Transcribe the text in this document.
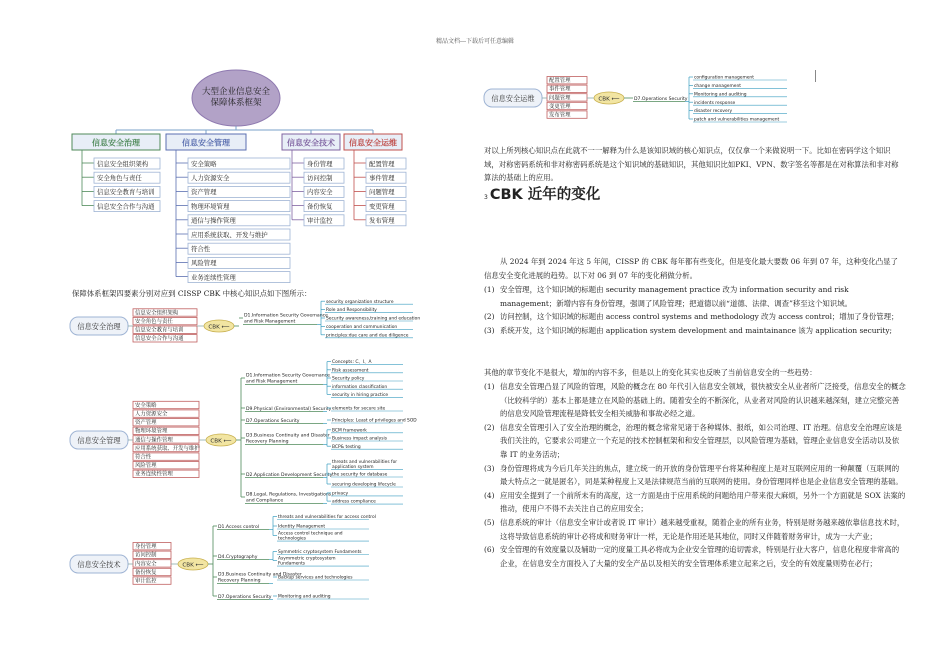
精品文档---下载后可任意编辑
大型企业信息安全保障体系框架
信息安全治理
信息安全组织架构
安全角色与责任
信息安全教育与培训
信息安全合作与沟通
信息安全管理
安全策略
人力资源安全
资产管理
物理环境管理
通信与操作管理
应用系统获取、开发与维护
符合性
风险管理
业务连续性管理
信息安全技术
身份管理
访问控制
内容安全
备份恢复
审计监控
信息安全运维
配置管理
事件管理
问题管理
变更管理
发布管理
信息安全治理
信息安全组织架构
安全角色与责任
信息安全教育与培训
信息安全合作与沟通
CBK ⟵
D1.Information Security Governance and Risk Management
security organization structure
Role and Responsibility
Security awareness,training and education
cooperation and communication
principles:due care and due diligence
信息安全管理
安全策略
人力资源安全
资产管理
物理环境管理
通信与操作管理
应用系统获取、开发与维护
符合性
风险管理
业务连续性管理
CBK ⟵
D1.Information Security Governance and Risk Management
Concepts: C、I、A
Risk assessment
Security policy
information classification
security in hiring practice
D9.Physical (Environmental) Security elements for secure site
D7.Operations Security	Principles: Least of privileges and SOD
D3.Business Continuity and Disaster Recovery Planning
BCM framework
Business impact analysis
BCP& testing
D2.Application Development Security
threats and vulnerabilities for application system
the security for database
securing developing lifecycle
D8.Legal, Regulations, Investigations and Compliance
privacy
address compliance
信息安全技术
身份管理
访问控制
内容安全
备份恢复
审计监控
CBK ⟵
D1.Access control
threats and vulnerabilities for access control
Identity Management
Access control technique and technologies
D4.Cryptography
Symmetric cryptosystem Fundaments
Asymmetric cryptosystem Fundaments
D3.Business Continuity and Disaster Recovery Planning
Backup services and technologies
D7.Operations Security Monitoring and auditing
保障体系框架四要素分别对应到 CISSP CBK 中核心知识点如下图所示：
信息安全运维
配置管理
事件管理
问题管理
变更管理
发布管理
CBK ⟵	D7.Operations Security
configuration management
change management
Monitoring and auditing
incidents response
disaster recovery
patch and vulnerabilities management
对以上所列核心知识点在此就不一一解释为什么是该知识域的核心知识点，仅仅拿一个来做说明一下。比如在密码学这个知识域，对称密码系统和非对称密码系统是这个知识域的基础知识，其他知识比如PKI、VPN、数字签名等都是在对称算法和非对称算法的基础上的应用。
3 CBK 近年的变化
从 2024 年到 2024 年这 5 年间，CISSP 的 CBK 每年都有些变化，但是变化最大要数 06 年到 07 年，这种变化凸显了信息安全变化进展的趋势。以下对 06 到 07 年的变化稍做分析。
(1) 安全管理，这个知识域的标题由 security management practice 改为 information security and risk management；新增内容有身份管理，强调了风险管理；把道德以前“道德、法律、调查”移至这个知识域。
(2) 访问控制，这个知识域的标题由 access control systems and methodology 改为 access control；增加了身份管理；
(3) 系统开发，这个知识域的标题由 application system development and maintainance 该为 application security;
其他的章节变化不是很大，增加的内容不多，但是以上的变化其实也反映了当前信息安全的一些趋势：
(1) 信息安全管理凸显了风险的管理，风险的概念在 80 年代引入信息安全领域，很快被安全从业者所广泛接受，信息安全的概念（比较科学的）基本上都是建立在风险的基础上的。随着安全的不断深化，从业者对风险的认识越来越深刻，建立完整完善的信息安风险管理流程是降低安全相关威胁和事故必经之道。
(2) 信息安全管理引入了安全治理的概念，治理的概念常常见诸于各种媒体、报纸，如公司治理、IT 治理。信息安全治理应该是我们关注的，它要求公司建立一个充足的技术控制框架和和安全管理层，以风险管理为基础，管理企业信息安全活动以及依靠 IT 的业务活动；
(3) 身份管理将成为今后几年关注的焦点，建立统一的开放的身份管理平台将某种程度上是对互联网应用的一种颠覆（互联网的最大特点之一就是匿名），同是某种程度上又是法律规范当前的互联网的使用。身份管理同样也是企业信息安全管理的基础。
(4) 应用安全提到了一个前所未有的高度，这一方面是由于应用系统的问题给用户带来很大麻烦，另外一个方面就是 SOX 法案的推动，使用户不得不去关注自己的应用安全；
(5) 信息系统的审计（信息安全审计或者说 IT 审计）越来越受重视，随着企业的所有业务，特别是财务越来越依靠信息技术时，这将导致信息系统的审计必将成和财务审计一样，无论是作用还是其地位，同时又伴随着财务审计，成为一大产业；
(6) 安全管理的有效度量以及辅助一定的度量工具必将成为企业安全管理的追切需求，特别是行业大客户，信息化程度非常高的企业，在信息安全方面投入了大量的安全产品以及相关的安全管理体系建立起来之后，安全的有效度量则势在必行；
